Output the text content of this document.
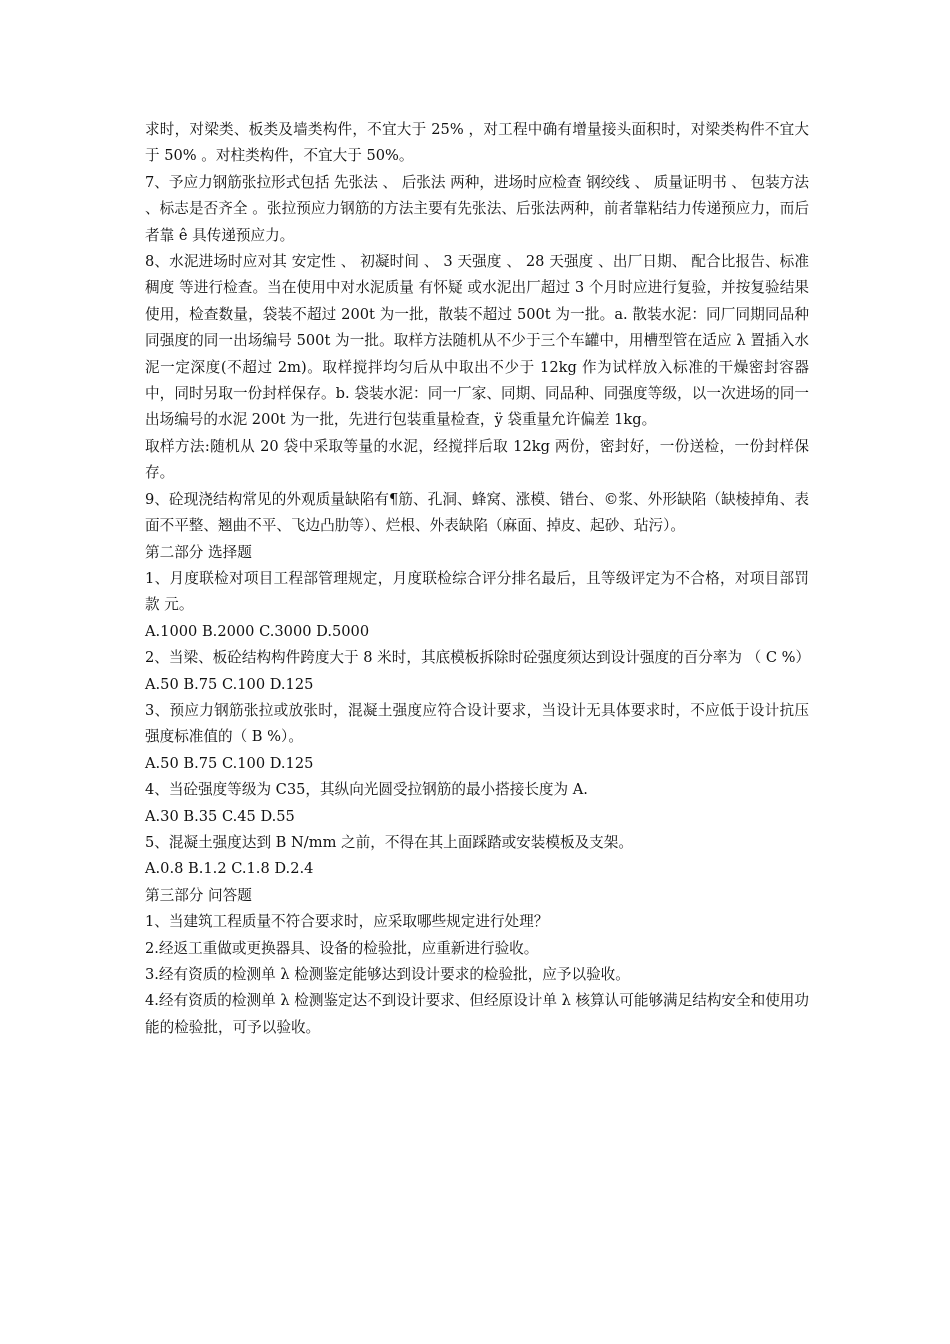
求时，对梁类、板类及墙类构件，不宜大于 25% ，对工程中确有增量接头面积时，对梁类构件不宜大于 50% 。对柱类构件，不宜大于 50%。

7、予应力钢筋张拉形式包括 先张法 、 后张法 两种，进场时应检查 钢绞线 、 质量证明书 、 包装方法 、标志是否齐全 。张拉预应力钢筋的方法主要有先张法、后张法两种，前者靠粘结力传递预应力，而后者靠 ê 具传递预应力。

8、水泥进场时应对其 安定性 、 初凝时间 、 3 天强度 、 28 天强度 、出厂日期、 配合比报告、标准稠度 等进行检查。当在使用中对水泥质量 有怀疑 或水泥出厂超过 3 个月时应进行复验，并按复验结果使用，检查数量，袋装不超过 200t 为一批，散装不超过 500t 为一批。a. 散装水泥：同厂同期同品种同强度的同一出场编号 500t 为一批。取样方法随机从不少于三个车罐中，用槽型管在适应 λ 置插入水泥一定深度(不超过 2m)。取样搅拌均匀后从中取出不少于 12kg 作为试样放入标准的干燥密封容器中，同时另取一份封样保存。b. 袋装水泥：同一厂家、同期、同品种、同强度等级，以一次进场的同一出场编号的水泥 200t 为一批，先进行包装重量检查，ÿ 袋重量允许偏差 1kg。

取样方法:随机从 20 袋中采取等量的水泥，经搅拌后取 12kg 两份，密封好，一份送检，一份封样保存。

9、砼现浇结构常见的外观质量缺陷有¶筋、孔洞、蜂窝、涨模、错台、©浆、外形缺陷（缺棱掉角、表面不平整、翘曲不平、飞边凸肋等）、烂根、外表缺陷（麻面、掉皮、起砂、玷污）。

第二部分 选择题

1、月度联检对项目工程部管理规定，月度联检综合评分排名最后，且等级评定为不合格，对项目部罚款 元。

A.1000 B.2000 C.3000 D.5000

2、当梁、板砼结构构件跨度大于 8 米时，其底模板拆除时砼强度须达到设计强度的百分率为 （ C %）

A.50 B.75 C.100 D.125

3、预应力钢筋张拉或放张时，混凝土强度应符合设计要求，当设计无具体要求时，不应低于设计抗压强度标准值的（ B %）。

A.50 B.75 C.100 D.125

4、当砼强度等级为 C35，其纵向光圆受拉钢筋的最小搭接长度为 A.

A.30 B.35 C.45 D.55

5、混凝土强度达到 B N/mm 之前，不得在其上面踩踏或安装模板及支架。

A.0.8 B.1.2 C.1.8 D.2.4

第三部分 问答题

1、当建筑工程质量不符合要求时，应采取哪些规定进行处理？

2.经返工重做或更换器具、设备的检验批，应重新进行验收。

3.经有资质的检测单 λ 检测鉴定能够达到设计要求的检验批，应予以验收。

4.经有资质的检测单 λ 检测鉴定达不到设计要求、但经原设计单 λ 核算认可能够满足结构安全和使用功能的检验批，可予以验收。
